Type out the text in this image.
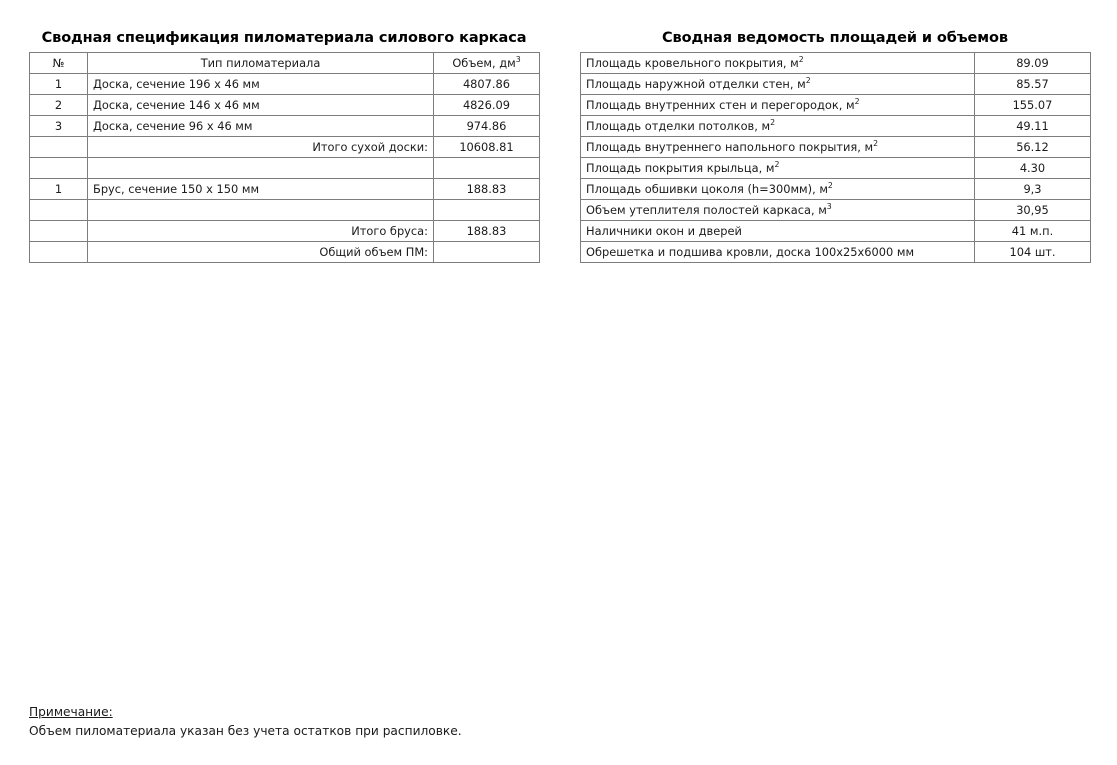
Сводная спецификация пиломатериала силового каркаса
№	Тип пиломатериала	Объем, $дм^3$
1	Доска, сечение 196 х 46 мм	4807.86
2	Доска, сечение 146 х 46 мм	4826.09
3	Доска, сечение 96 х 46 мм	974.86
	Итого сухой доски:	10608.81

1	Брус, сечение 150 х 150 мм	188.83

	Итого бруса:	188.83
	Общий объем ПМ:	
Сводная ведомость площадей и объемов
Площадь кровельного покрытия, $м^2$	89.09
Площадь наружной отделки стен, $м^2$	85.57
Площадь внутренних стен и перегородок, $м^2$	155.07
Площадь отделки потолков, $м^2$	49.11
Площадь внутреннего напольного покрытия, $м^2$	56.12
Площадь покрытия крыльца, $м^2$	4.30
Площадь обшивки цоколя (h=300мм), $м^2$	9,3
Объем утеплителя полостей каркаса, $м^3$	30,95
Наличники окон и дверей	41 м.п.
Обрешетка и подшива кровли, доска 100x25x6000 мм	104 шт.
Примечание:
Объем пиломатериала указан без учета остатков при распиловке.
